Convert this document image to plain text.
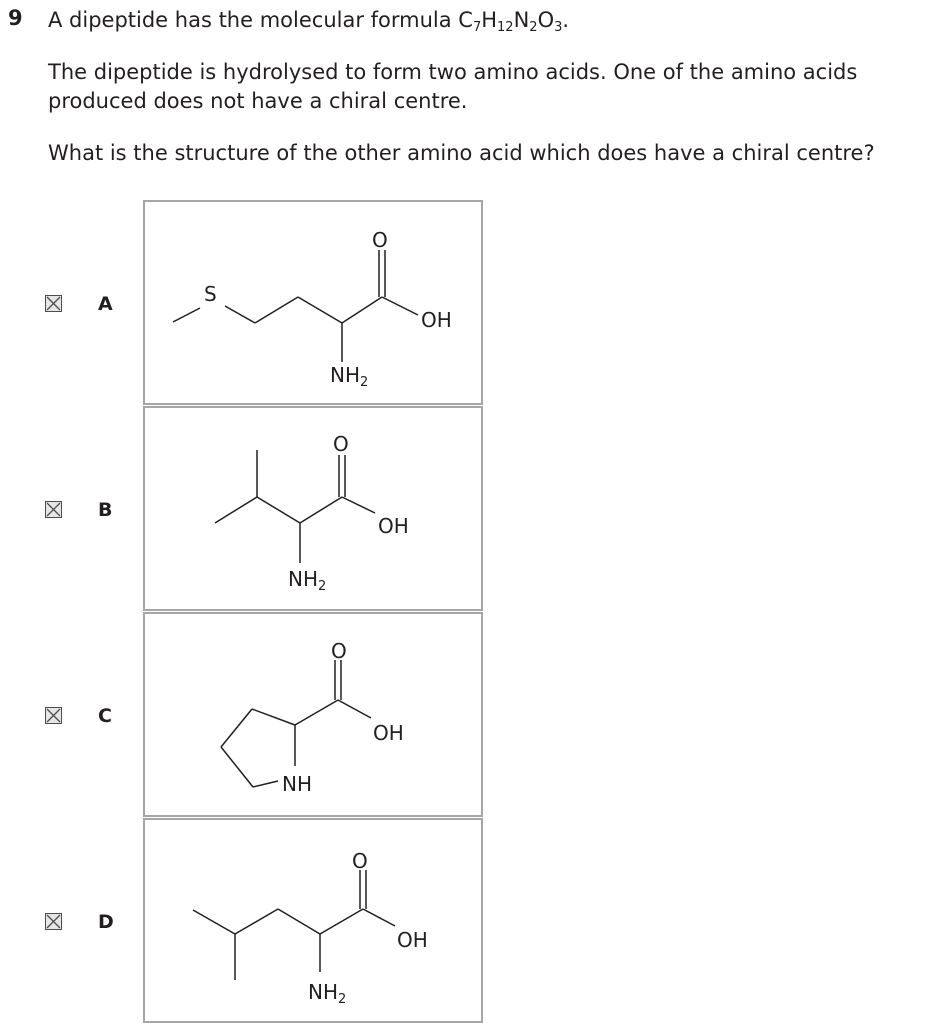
9 A dipeptide has the molecular formula $C_7H_{12}N_2O_3$.
The dipeptide is hydrolysed to form two amino acids. One of the amino acids
produced does not have a chiral centre.
What is the structure of the other amino acid which does have a chiral centre?
A	S
O
OH
$NH_2$
B
O
OH
$NH_2$
C
O
OH
NH
D
O
OH
$NH_2$
